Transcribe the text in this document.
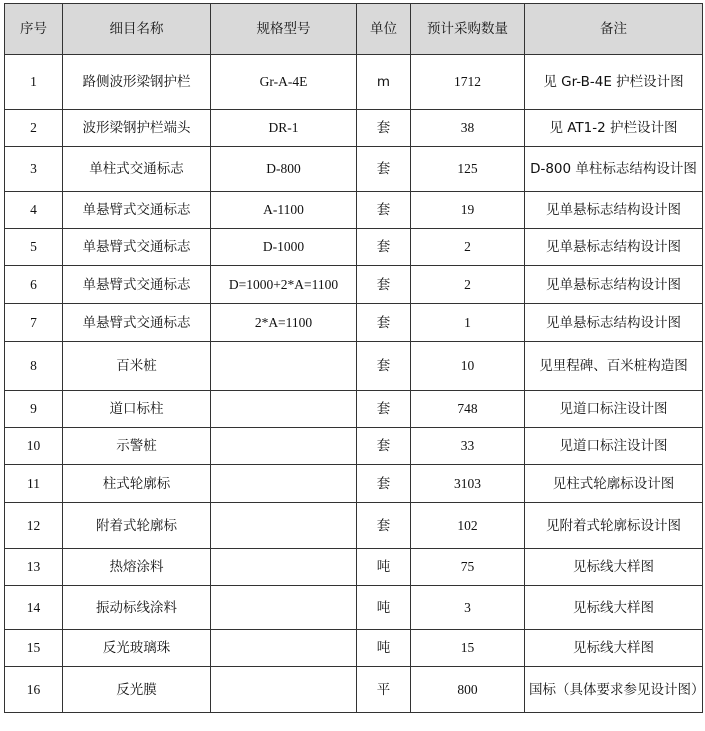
序号	细目名称	规格型号	单位	预计采购数量	备注
1	路侧波形梁钢护栏	Gr-A-4E	m	1712	见 Gr-B-4E 护栏设计图
2	波形梁钢护栏端头	DR-1	套	38	见 AT1-2 护栏设计图
3	单柱式交通标志	D-800	套	125	D-800 单柱标志结构设计图
4	单悬臂式交通标志	A-1100	套	19	见单悬标志结构设计图
5	单悬臂式交通标志	D-1000	套	2	见单悬标志结构设计图
6	单悬臂式交通标志	D=1000+2*A=1100	套	2	见单悬标志结构设计图
7	单悬臂式交通标志	2*A=1100	套	1	见单悬标志结构设计图
8	百米桩		套	10	见里程碑、百米桩构造图
9	道口标柱		套	748	见道口标注设计图
10	示警桩		套	33	见道口标注设计图
11	柱式轮廓标		套	3103	见柱式轮廓标设计图
12	附着式轮廓标		套	102	见附着式轮廓标设计图
13	热熔涂料		吨	75	见标线大样图
14	振动标线涂料		吨	3	见标线大样图
15	反光玻璃珠		吨	15	见标线大样图
16	反光膜		平	800	国标（具体要求参见设计图）
